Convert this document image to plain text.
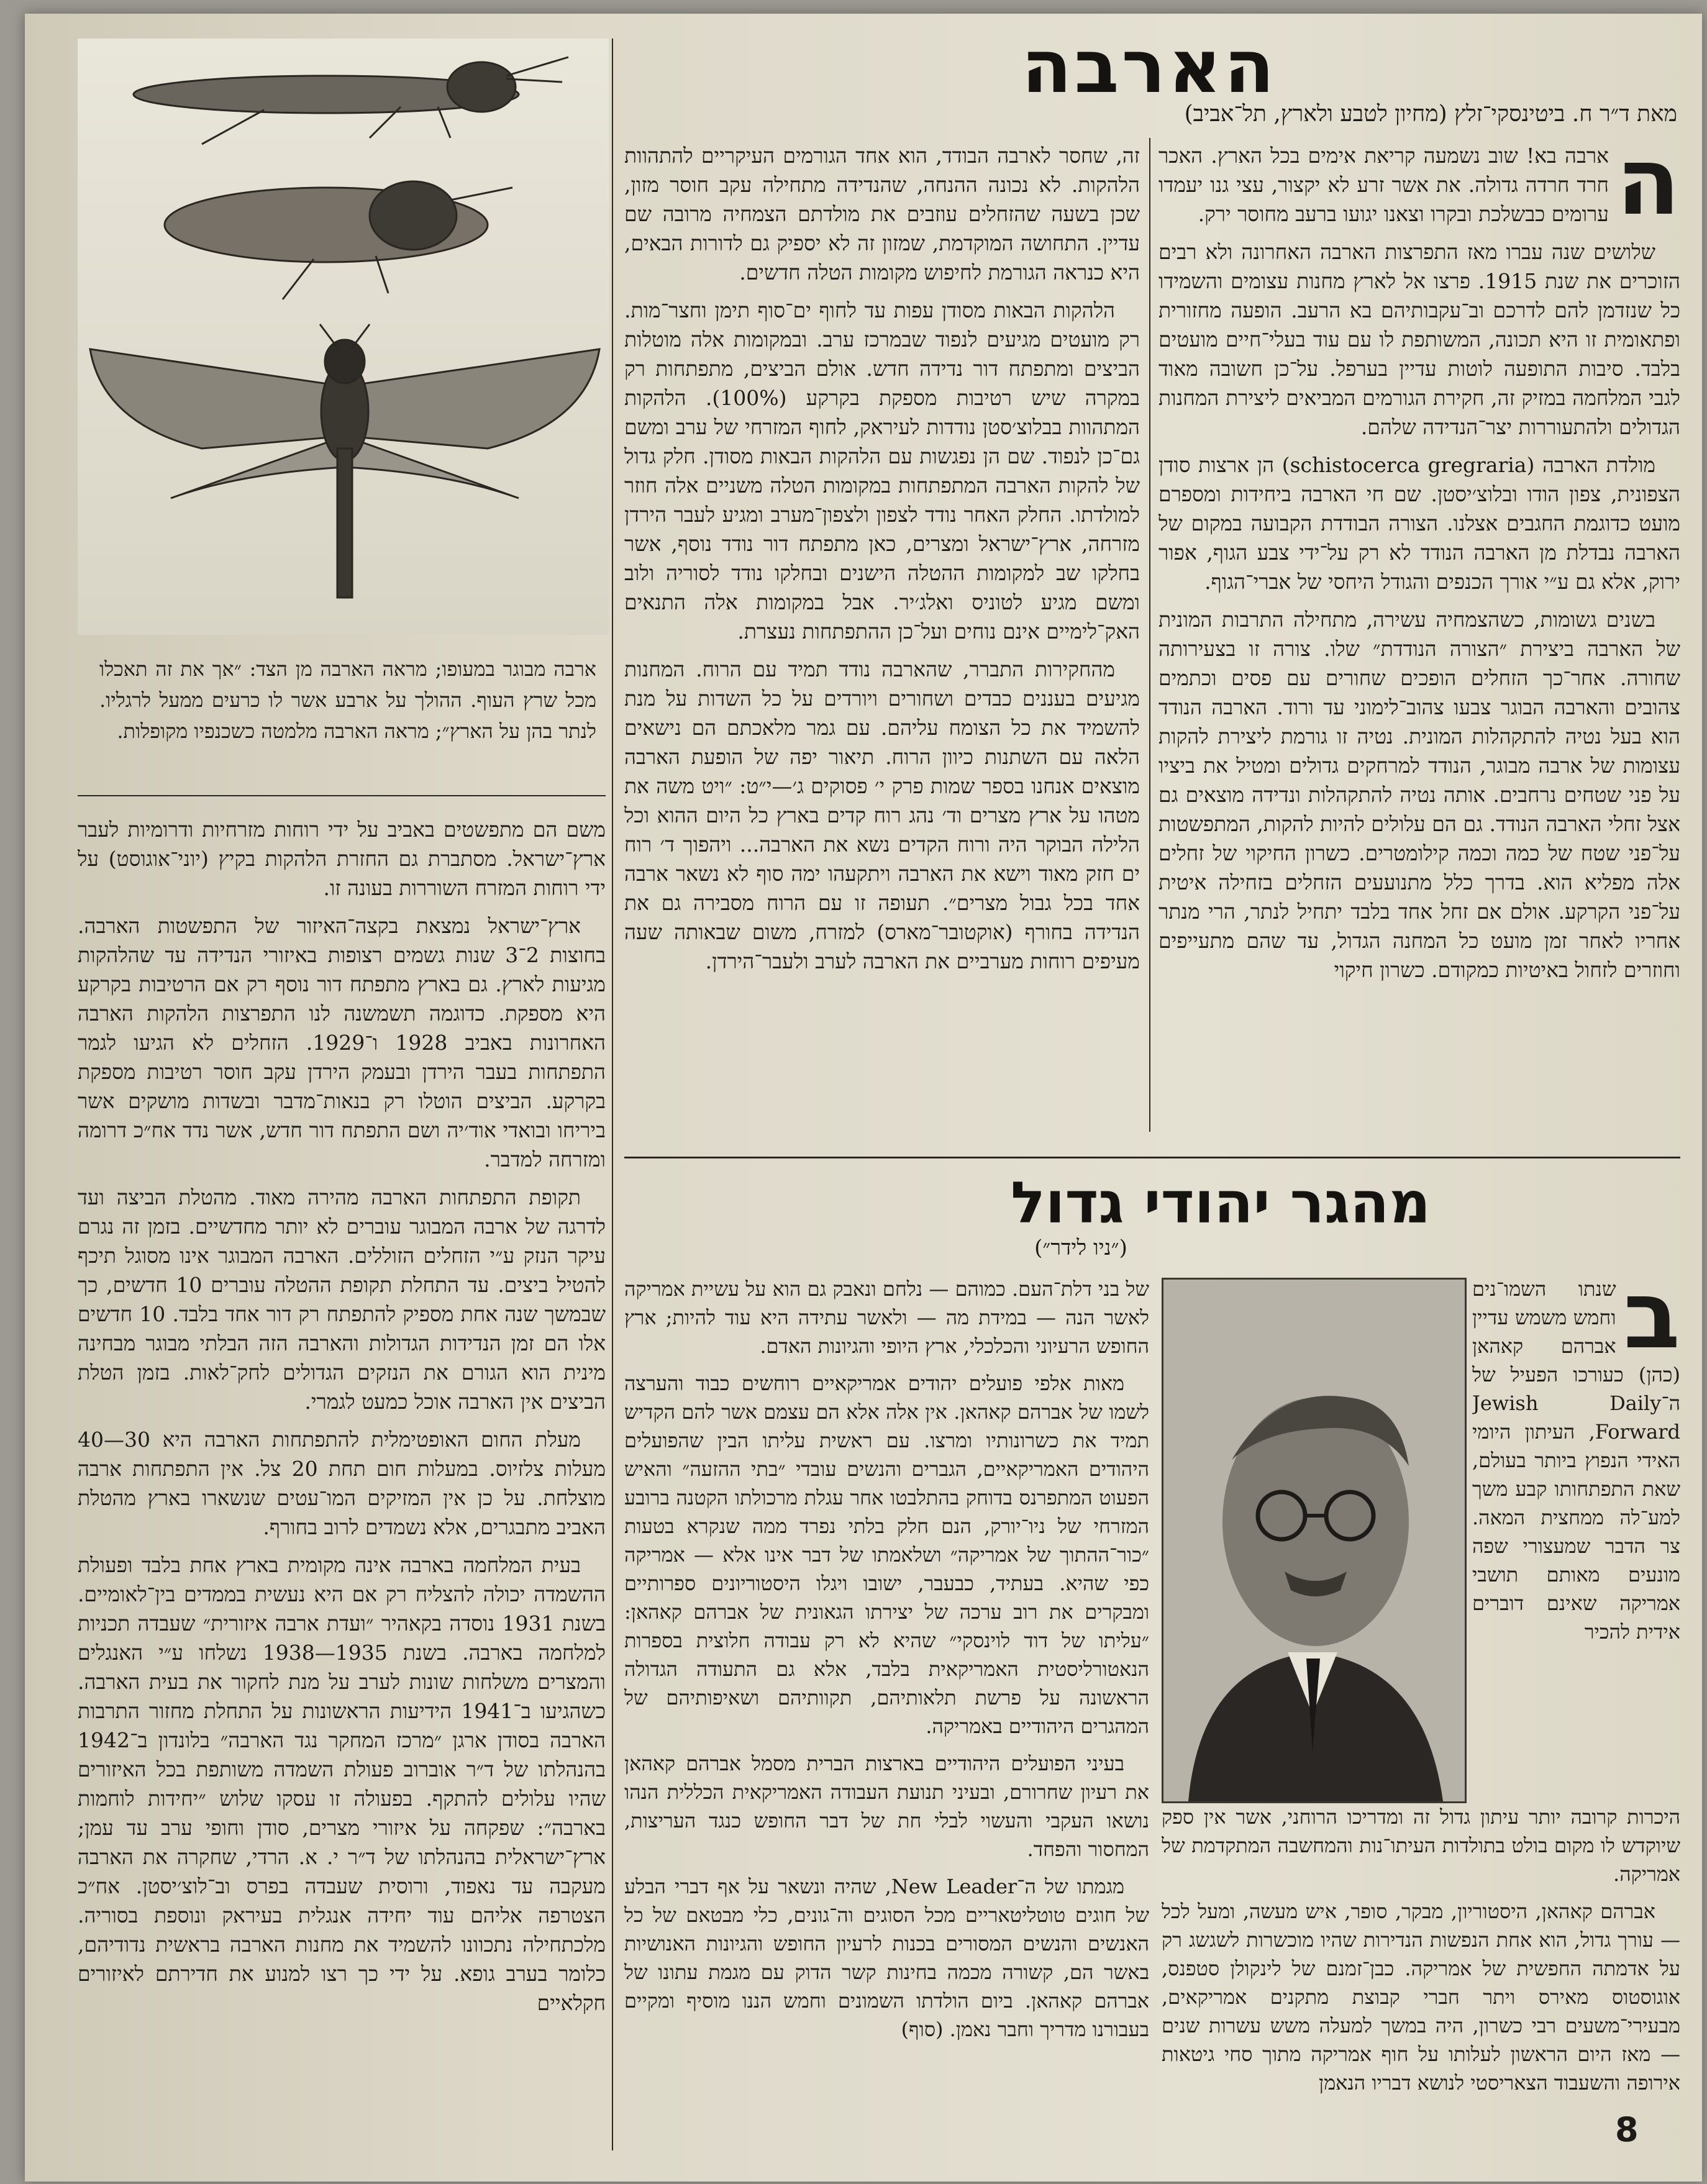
הארבה
מאת ד״ר ח. ביטינסקי־זלץ (מחיון לטבע ולארץ, תל־אביב)

ה
ארבה בא! שוב נשמעה קריאת אימים בכל הארץ. האכר חרד חרדה גדולה. את אשר זרע לא יקצור, עצי גנו יעמדו ערומים כבשלכת ובקרו וצאנו יגועו ברעב מחוסר ירק.

שלושים שנה עברו מאז התפרצות הארבה האחרונה ולא רבים הזוכרים את שנת 1915. פרצו אל לארץ מחנות עצומים והשמידו כל שנזדמן להם לדרכם וב־עקבותיהם בא הרעב. הופעה מחזורית ופתאומית זו היא תכונה, המשותפת לו עם עוד בעלי־חיים מועטים בלבד. סיבות התופעה לוטות עדיין בערפל. על־כן חשובה מאוד לגבי המלחמה במזיק זה, חקירת הגורמים המביאים ליצירת המחנות הגדולים ולהתעוררות יצר־הנדידה שלהם.

מולדת הארבה (schistocerca gregraria) הן ארצות סודן הצפונית, צפון הודו ובלוצ׳יסטן. שם חי הארבה ביחידות ומספרם מועט כדוגמת החגבים אצלנו. הצורה הבודדת הקבועה במקום של הארבה נבדלת מן הארבה הנודד לא רק על־ידי צבע הגוף, אפור ירוק, אלא גם ע״י אורך הכנפים והגודל היחסי של אברי־הגוף.

בשנים גשומות, כשהצמחיה עשירה, מתחילה התרבות המונית של הארבה ביצירת ״הצורה הנודדת״ שלו. צורה זו בצעירותה שחורה. אחר־כך הזחלים הופכים שחורים עם פסים וכתמים צהובים והארבה הבוגר צבעו צהוב־לימוני עד ורוד. הארבה הנודד הוא בעל נטיה להתקהלות המונית. נטיה זו גורמת ליצירת להקות עצומות של ארבה מבוגר, הנודד למרחקים גדולים ומטיל את ביציו על פני שטחים נרחבים. אותה נטיה להתקהלות ונדידה מוצאים גם אצל זחלי הארבה הנודד. גם הם עלולים להיות להקות, המתפשטות על־פני שטח של כמה וכמה קילומטרים. כשרון החיקוי של זחלים אלה מפליא הוא. בדרך כלל מתנועעים הזחלים בזחילה איטית על־פני הקרקע. אולם אם זחל אחד בלבד יתחיל לנתר, הרי מנתר אחריו לאחר זמן מועט כל המחנה הגדול, עד שהם מתעייפים וחוזרים לזחול באיטיות כמקודם. כשרון חיקוי

זה, שחסר לארבה הבודד, הוא אחד הגורמים העיקריים להתהוות הלהקות. לא נכונה ההנחה, שהנדידה מתחילה עקב חוסר מזון, שכן בשעה שהזחלים עוזבים את מולדתם הצמחיה מרובה שם עדיין. התחושה המוקדמת, שמזון זה לא יספיק גם לדורות הבאים, היא כנראה הגורמת לחיפוש מקומות הטלה חדשים.

הלהקות הבאות מסודן עפות עד לחוף ים־סוף תימן וחצר־מות. רק מועטים מגיעים לנפוד שבמרכז ערב. ובמקומות אלה מוטלות הביצים ומתפתח דור נדידה חדש. אולם הביצים, מתפתחות רק במקרה שיש רטיבות מספקת בקרקע (100%). הלהקות המתהוות בבלוצ׳סטן נודדות לעיראק, לחוף המזרחי של ערב ומשם גם־כן לנפוד. שם הן נפגשות עם הלהקות הבאות מסודן. חלק גדול של להקות הארבה המתפתחות במקומות הטלה משניים אלה חוזר למולדתו. החלק האחר נודד לצפון ולצפון־מערב ומגיע לעבר הירדן מזרחה, ארץ־ישראל ומצרים, כאן מתפתח דור נודד נוסף, אשר בחלקו שב למקומות ההטלה הישנים ובחלקו נודד לסוריה ולוב ומשם מגיע לטוניס ואלג׳יר. אבל במקומות אלה התנאים האק־לימיים אינם נוחים ועל־כן ההתפתחות נעצרת.

מהחקירות התברר, שהארבה נודד תמיד עם הרוח. המחנות מגיעים בעננים כבדים ושחורים ויורדים על כל השדות על מנת להשמיד את כל הצומח עליהם. עם גמר מלאכתם הם נישאים הלאה עם השתנות כיוון הרוח. תיאור יפה של הופעת הארבה מוצאים אנחנו בספר שמות פרק י׳ פסוקים ג׳—י״ט: ״ויט משה את מטהו על ארץ מצרים וד׳ נהג רוח קדים בארץ כל היום ההוא וכל הלילה הבוקר היה ורוח הקדים נשא את הארבה... ויהפוך ד׳ רוח ים חזק מאוד וישא את הארבה ויתקעהו ימה סוף לא נשאר ארבה אחד בכל גבול מצרים״. תעופה זו עם הרוח מסבירה גם את הנדידה בחורף (אוקטובר־מארס) למזרח, משום שבאותה שעה מעיפים רוחות מערביים את הארבה לערב ולעבר־הירדן.

ארבה מבוגר במעופו; מראה הארבה מן הצד: ״אך את זה תאכלו מכל שרץ העוף. ההולך על ארבע אשר לו כרעים ממעל לרגליו. לנתר בהן על הארץ״; מראה הארבה מלמטה כשכנפיו מקופלות.

משם הם מתפשטים באביב על ידי רוחות מזרחיות ודרומיות לעבר ארץ־ישראל. מסתברת גם החזרת הלהקות בקיץ (יוני־אוגוסט) על ידי רוחות המזרח השוררות בעונה זו.

ארץ־ישראל נמצאת בקצה־האיזור של התפשטות הארבה. בחוצות 2־3 שנות גשמים רצופות באיזורי הנדידה עד שהלהקות מגיעות לארץ. גם בארץ מתפתח דור נוסף רק אם הרטיבות בקרקע היא מספקת. כדוגמה תשמשנה לנו התפרצות הלהקות הארבה האחרונות באביב 1928 ו־1929. הזחלים לא הגיעו לגמר התפתחות בעבר הירדן ובעמק הירדן עקב חוסר רטיבות מספקת בקרקע. הביצים הוטלו רק בנאות־מדבר ובשדות מושקים אשר ביריחו ובואדי אוד׳יה ושם התפתח דור חדש, אשר נדד אח״כ דרומה ומזרחה למדבר.

תקופת התפתחות הארבה מהירה מאוד. מהטלת הביצה ועד לדרגה של ארבה המבוגר עוברים לא יותר מחדשיים. בזמן זה נגרם עיקר הנזק ע״י הזחלים הזוללים. הארבה המבוגר אינו מסוגל תיכף להטיל ביצים. עד התחלת תקופת ההטלה עוברים 10 חדשים, כך שבמשך שנה אחת מספיק להתפתח רק דור אחד בלבד. 10 חדשים אלו הם זמן הנדידות הגדולות והארבה הזה הבלתי מבוגר מבחינה מינית הוא הגורם את הנזקים הגדולים לחק־לאות. בזמן הטלת הביצים אין הארבה אוכל כמעט לגמרי.

מעלת החום האופטימלית להתפתחות הארבה היא 30—40 מעלות צלזיוס. במעלות חום תחת 20 צל. אין התפתחות ארבה מוצלחת. על כן אין המזיקים המו־עטים שנשארו בארץ מהטלת האביב מתבגרים, אלא נשמדים לרוב בחורף.

בעית המלחמה בארבה אינה מקומית בארץ אחת בלבד ופעולת ההשמדה יכולה להצליח רק אם היא נעשית בממדים בין־לאומיים. בשנת 1931 נוסדה בקאהיר ״ועדת ארבה איזורית״ שעבדה תכניות למלחמה בארבה. בשנת 1935—1938 נשלחו ע״י האנגלים והמצרים משלחות שונות לערב על מנת לחקור את בעית הארבה. כשהגיעו ב־1941 הידיעות הראשונות על התחלת מחזור התרבות הארבה בסודן ארגן ״מרכז המחקר נגד הארבה״ בלונדון ב־1942 בהנהלתו של ד״ר אוברוב פעולת השמדה משותפת בכל האיזורים שהיו עלולים להתקף. בפעולה זו עסקו שלוש ״יחידות לוחמות בארבה״: שפקחה על איזורי מצרים, סודן וחופי ערב עד עמן; ארץ־ישראלית בהנהלתו של ד״ר י. א. הרדי, שחקרה את הארבה מעקבה עד נאפוד, ורוסית שעבדה בפרס וב־לוצ׳יסטן. אח״כ הצטרפה אליהם עוד יחידה אנגלית בעיראק ונוספת בסוריה. מלכתחילה נתכוונו להשמיד את מחנות הארבה בראשית נדודיהם, כלומר בערב גופא. על ידי כך רצו למנוע את חדירתם לאיזורים חקלאיים

מהגר יהודי גדול
(״ניו לידר״)

ב
שנתו השמו־נים וחמש משמש עדיין אברהם קאהאן (כהן) כעורכו הפעיל של ה־Jewish Daily Forward, העיתון היומי האידי הנפוץ ביותר בעולם, שאת התפתחותו קבע משך למע־לה ממחצית המאה. צר הדבר שמעצורי שפה מונעים מאותם תושבי אמריקה שאינם דוברים אידית להכיר

היכרות קרובה יותר עיתון גדול זה ומדריכו הרוחני, אשר אין ספק שיוקדש לו מקום בולט בתולדות העיתו־נות והמחשבה המתקדמת של אמריקה.

אברהם קאהאן, היסטוריון, מבקר, סופר, איש מעשה, ומעל לכל — עורך גדול, הוא אחת הנפשות הנדירות שהיו מוכשרות לשגשג רק על אדמתה החפשית של אמריקה. כבן־זמנם של לינקולן סטפנס, אוגוסטוס מאירס ויתר חברי קבוצת מתקנים אמריקאים, מבעירי־משעים רבי כשרון, היה במשך למעלה משש עשרות שנים — מאז היום הראשון לעלותו על חוף אמריקה מתוך סחי גיטאות אירופה והשעבוד הצאריסטי לנושא דבריו הנאמן

של בני דלת־העם. כמוהם — נלחם ונאבק גם הוא על עשיית אמריקה לאשר הנה — במידת מה — ולאשר עתידה היא עוד להיות; ארץ החופש הרעיוני והכלכלי, ארץ היופי והגיונות האדם.

מאות אלפי פועלים יהודים אמריקאיים רוחשים כבוד והערצה לשמו של אברהם קאהאן. אין אלה אלא הם עצמם אשר להם הקדיש תמיד את כשרונותיו ומרצו. עם ראשית עליתו הבין שהפועלים היהודים האמריקאיים, הגברים והנשים עובדי ״בתי ההזעה״ והאיש הפעוט המתפרנס בדוחק בהתלבטו אחר עגלת מרכולתו הקטנה ברובע המזרחי של ניו־יורק, הנם חלק בלתי נפרד ממה שנקרא בטעות ״כור־ההתוך של אמריקה״ ושלאמתו של דבר אינו אלא — אמריקה כפי שהיא. בעתיד, כבעבר, ישובו ויגלו היסטוריונים ספרותיים ומבקרים את רוב ערכה של יצירתו הגאונית של אברהם קאהאן: ״עליתו של דוד לוינסקי״ שהיא לא רק עבודה חלוצית בספרות הנאטורליסטית האמריקאית בלבד, אלא גם התעודה הגדולה הראשונה על פרשת תלאותיהם, תקוותיהם ושאיפותיהם של המהגרים היהודיים באמריקה.

בעיני הפועלים היהודיים בארצות הברית מסמל אברהם קאהאן את רעיון שחרורם, ובעיני תנועת העבודה האמריקאית הכללית הנהו נושאו העקבי והעשוי לבלי חת של דבר החופש כנגד העריצות, המחסור והפחד.

מגמתו של ה־New Leader, שהיה ונשאר על אף דברי הבלע של חוגים טוטליטאריים מכל הסוגים וה־גונים, כלי מבטאם של כל האנשים והנשים המסורים בכנות לרעיון החופש והגיונות האנושיות באשר הם, קשורה מכמה בחינות קשר הדוק עם מגמת עתונו של אברהם קאהאן. ביום הולדתו השמונים וחמש הננו מוסיף ומקיים בעבורנו מדריך וחבר נאמן. (סוף)

8
